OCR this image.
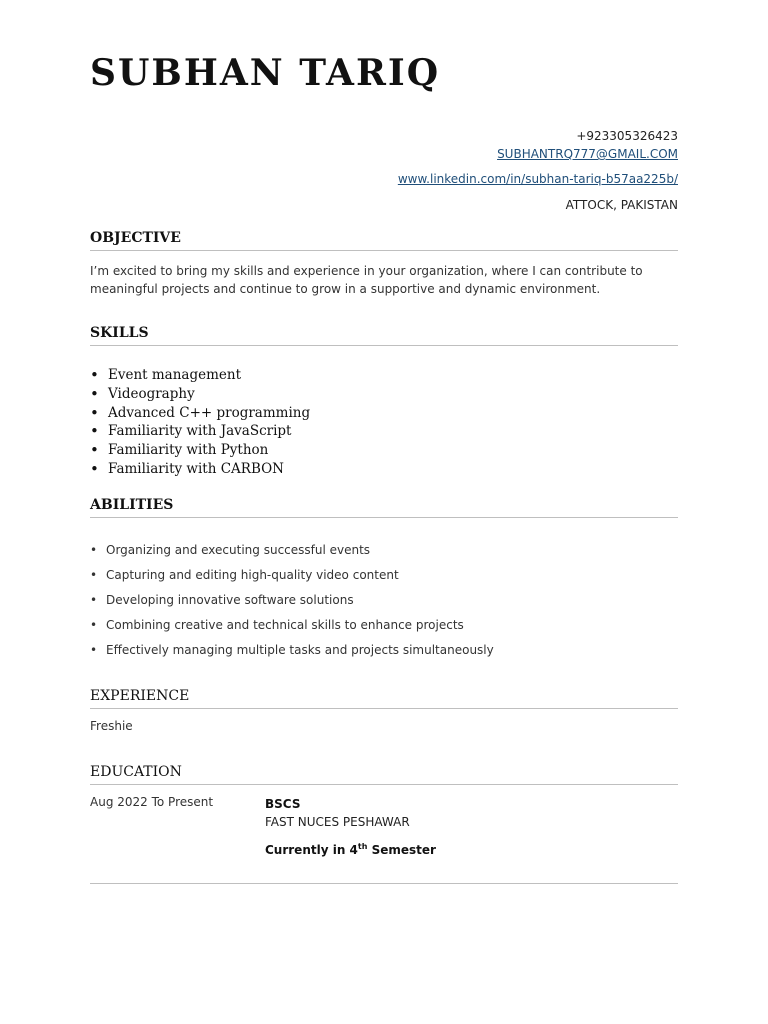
SUBHAN TARIQ
+923305326423
SUBHANTRQ777@GMAIL.COM
www.linkedin.com/in/subhan-tariq-b57aa225b/
ATTOCK, PAKISTAN
OBJECTIVE

I’m excited to bring my skills and experience in your organization, where I can contribute to meaningful projects and continue to grow in a supportive and dynamic environment.

SKILLS
• Event management
• Videography
• Advanced C++ programming
• Familiarity with JavaScript
• Familiarity with Python
• Familiarity with CARBON
ABILITIES
• Organizing and executing successful events
• Capturing and editing high-quality video content
• Developing innovative software solutions
• Combining creative and technical skills to enhance projects
• Effectively managing multiple tasks and projects simultaneously
EXPERIENCE

Freshie

EDUCATION

Aug 2022 To Present	BSCS
FAST NUCES PESHAWAR
Currently in 4th Semester
